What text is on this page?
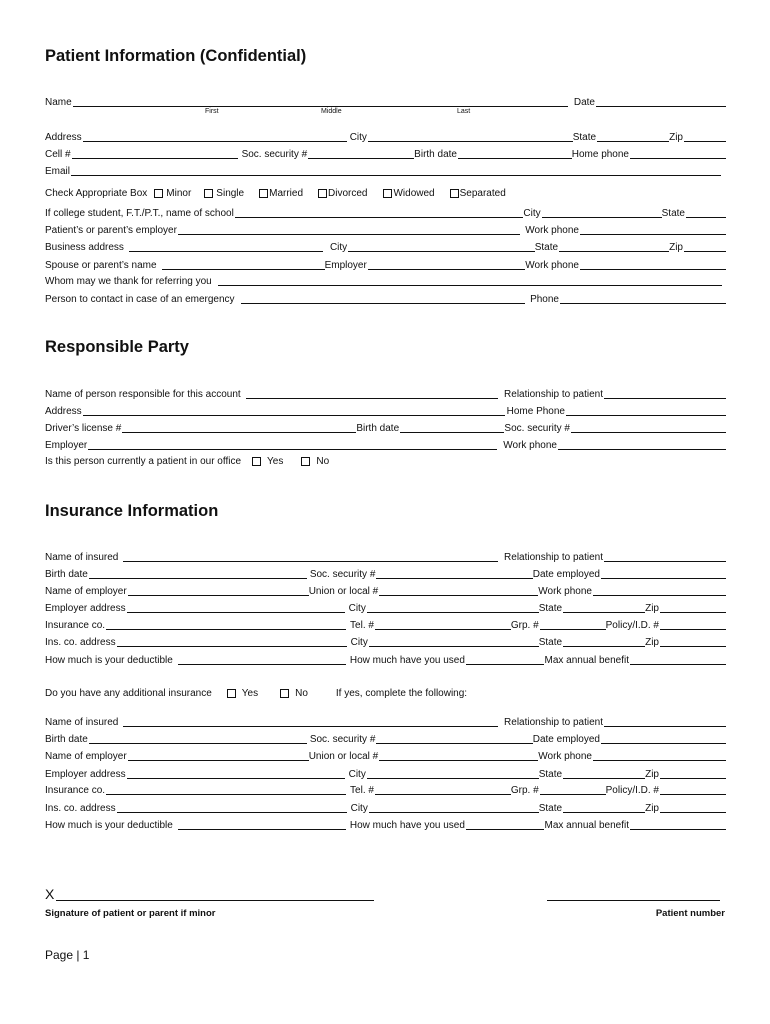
Patient Information (Confidential)
Name	Date
First	Middle	Last
Address	City	State	Zip
Cell #	Soc. security #	Birth date	Home phone
Email
Check Appropriate Box Minor	Single	Married	Divorced	Widowed	Separated
If college student, F.T./P.T., name of school	City	State
Patient’s or parent’s employer	Work phone
Business address	City	State	Zip
Spouse or parent’s name	Employer	Work phone
Whom may we thank for referring you
Person to contact in case of an emergency	Phone
Responsible Party
Name of person responsible for this account	Relationship to patient
Address	Home Phone
Driver’s license #	Birth date	Soc. security #
Employer	Work phone
Is this person currently a patient in our office	Yes	No
Insurance Information
Name of insured	Relationship to patient
Birth date	Soc. security #	Date employed
Name of employer	Union or local #	Work phone
Employer address	City	State	Zip
Insurance co.	Tel. #	Grp. #	Policy/I.D. #
Ins. co. address	City	State	Zip
How much is your deductible	How much have you used	Max annual benefit
Do you have any additional insurance	Yes	No	If yes, complete the following:
Name of insured	Relationship to patient
Birth date	Soc. security #	Date employed
Name of employer	Union or local #	Work phone
Employer address	City	State	Zip
Insurance co.	Tel. #	Grp. #	Policy/I.D. #
Ins. co. address	City	State	Zip
How much is your deductible	How much have you used	Max annual benefit
X
Signature of patient or parent if minor	Patient number
Page | 1
